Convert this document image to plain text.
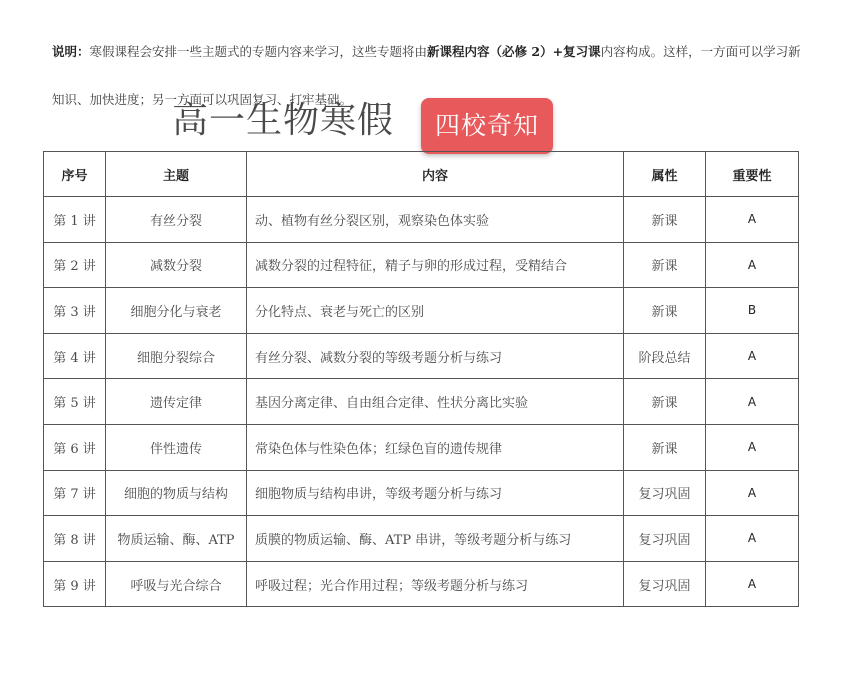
说明：寒假课程会安排一些主题式的专题内容来学习，这些专题将由新课程内容（必修 2）+复习课内容构成。这样，一方面可以学习新知识、加快进度；另一方面可以巩固复习、打牢基础。
高一生物寒假	四校奇知
序号	主题	内容	属性	重要性
第 1 讲	有丝分裂	动、植物有丝分裂区别，观察染色体实验	新课	A
第 2 讲	减数分裂	减数分裂的过程特征，精子与卵的形成过程，受精结合	新课	A
第 3 讲	细胞分化与衰老	分化特点、衰老与死亡的区别	新课	B
第 4 讲	细胞分裂综合	有丝分裂、减数分裂的等级考题分析与练习	阶段总结	A
第 5 讲	遗传定律	基因分离定律、自由组合定律、性状分离比实验	新课	A
第 6 讲	伴性遗传	常染色体与性染色体；红绿色盲的遗传规律	新课	A
第 7 讲	细胞的物质与结构	细胞物质与结构串讲，等级考题分析与练习	复习巩固	A
第 8 讲	物质运输、酶、ATP	质膜的物质运输、酶、ATP 串讲，等级考题分析与练习	复习巩固	A
第 9 讲	呼吸与光合综合	呼吸过程；光合作用过程；等级考题分析与练习	复习巩固	A
